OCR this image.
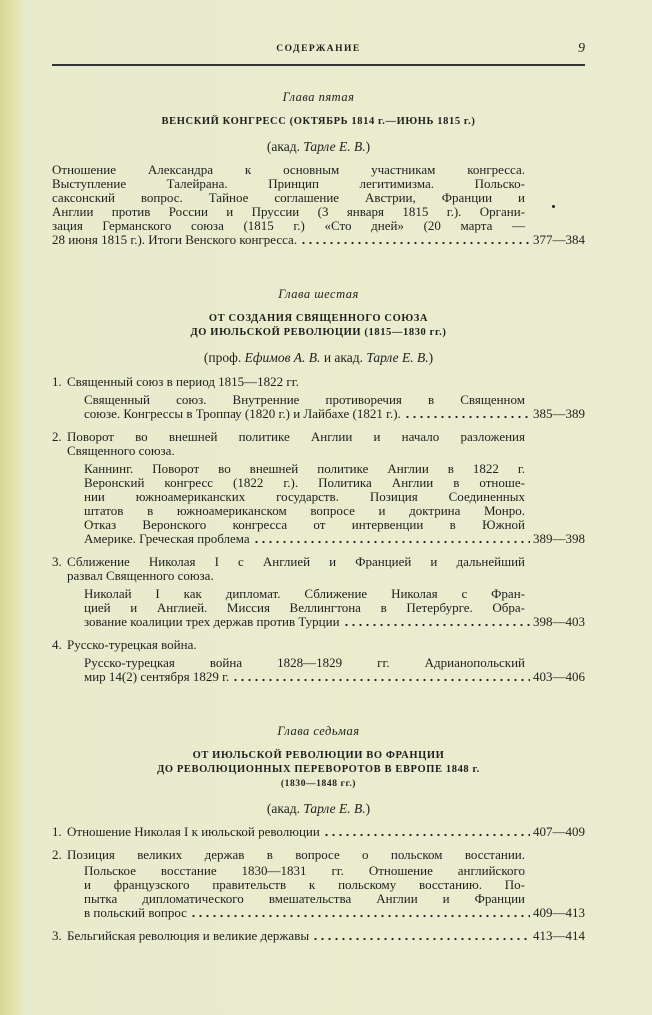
СОДЕРЖАНИЕ	9
Глава пятая
ВЕНСКИЙ КОНГРЕСС (ОКТЯБРЬ 1814 г.—ИЮНЬ 1815 г.)
(акад. Тарле Е. В.)
Отношение Александра к основным участникам конгресса.
Выступление Талейрана. Принцип легитимизма. Польско-
саксонский вопрос. Тайное соглашение Австрии, Франции и
Англии против России и Пруссии (3 января 1815 г.). Органи-
зация Германского союза (1815 г.) «Сто дней» (20 марта —
28 июня 1815 г.). Итоги Венского конгресса.	377—384
Глава шестая
ОТ СОЗДАНИЯ СВЯЩЕННОГО СОЮЗА
ДО ИЮЛЬСКОЙ РЕВОЛЮЦИИ (1815—1830 гг.)
(проф. Ефимов А. В. и акад. Тарле Е. В.)
1. Священный союз в период 1815—1822 гг.
Священный союз. Внутренние противоречия в Священном
союзе. Конгрессы в Троппау (1820 г.) и Лайбахе (1821 г.).	385—389
2. Поворот во внешней политике Англии и начало разложения
Священного союза.
Каннинг. Поворот во внешней политике Англии в 1822 г.
Веронский конгресс (1822 г.). Политика Англии в отноше-
нии южноамериканских государств. Позиция Соединенных
штатов в южноамериканском вопросе и доктрина Монро.
Отказ Веронского конгресса от интервенции в Южной
Америке. Греческая проблема	389—398
3. Сближение Николая I с Англией и Францией и дальнейший
развал Священного союза.
Николай I как дипломат. Сближение Николая с Фран-
цией и Англией. Миссия Веллингтона в Петербурге. Обра-
зование коалиции трех держав против Турции	398—403
4. Русско-турецкая война.
Русско-турецкая война 1828—1829 гг. Адрианопольский
мир 14(2) сентября 1829 г.	403—406
Глава седьмая
ОТ ИЮЛЬСКОЙ РЕВОЛЮЦИИ ВО ФРАНЦИИ
ДО РЕВОЛЮЦИОННЫХ ПЕРЕВОРОТОВ В ЕВРОПЕ 1848 г.
(1830—1848 гг.)
(акад. Тарле Е. В.)
1. Отношение Николая I к июльской революции	407—409
2. Позиция великих держав в вопросе о польском восстании.
Польское восстание 1830—1831 гг. Отношение английского
и французского правительств к польскому восстанию. По-
пытка дипломатического вмешательства Англии и Франции
в польский вопрос	409—413
3. Бельгийская революция и великие державы	413—414
